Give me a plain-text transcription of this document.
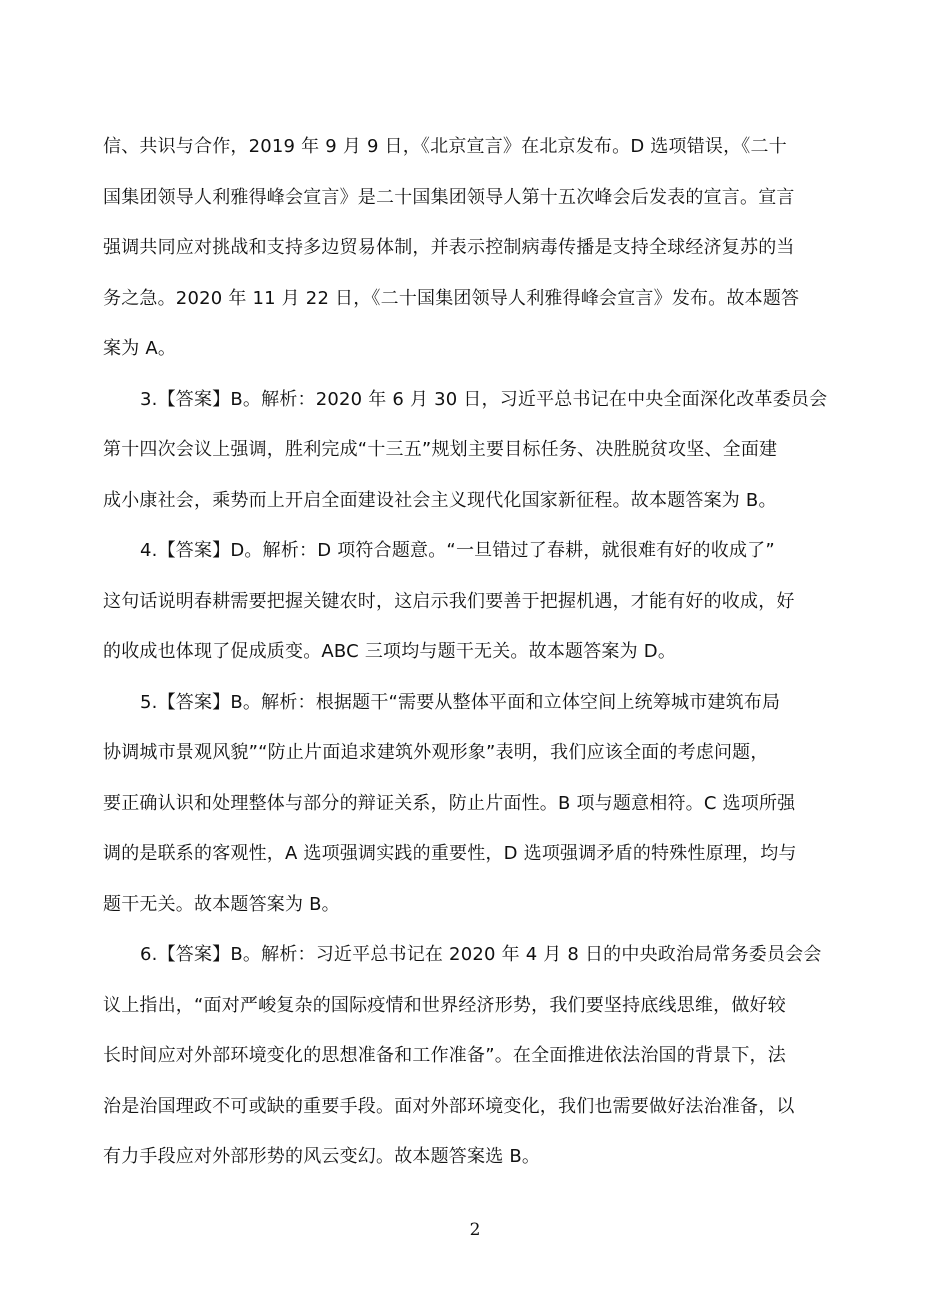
信、共识与合作，2019 年 9 月 9 日，《北京宣言》在北京发布。D 选项错误，《二十
国集团领导人利雅得峰会宣言》是二十国集团领导人第十五次峰会后发表的宣言。宣言
强调共同应对挑战和支持多边贸易体制，并表示控制病毒传播是支持全球经济复苏的当
务之急。2020 年 11 月 22 日，《二十国集团领导人利雅得峰会宣言》发布。故本题答
案为 A。
3.【答案】B。解析：2020 年 6 月 30 日，习近平总书记在中央全面深化改革委员会
第十四次会议上强调，胜利完成“十三五”规划主要目标任务、决胜脱贫攻坚、全面建
成小康社会，乘势而上开启全面建设社会主义现代化国家新征程。故本题答案为 B。
4.【答案】D。解析：D 项符合题意。“一旦错过了春耕，就很难有好的收成了”
这句话说明春耕需要把握关键农时，这启示我们要善于把握机遇，才能有好的收成，好
的收成也体现了促成质变。ABC 三项均与题干无关。故本题答案为 D。
5.【答案】B。解析：根据题干“需要从整体平面和立体空间上统筹城市建筑布局
协调城市景观风貌”“防止片面追求建筑外观形象”表明，我们应该全面的考虑问题，
要正确认识和处理整体与部分的辩证关系，防止片面性。B 项与题意相符。C 选项所强
调的是联系的客观性，A 选项强调实践的重要性，D 选项强调矛盾的特殊性原理，均与
题干无关。故本题答案为 B。
6.【答案】B。解析：习近平总书记在 2020 年 4 月 8 日的中央政治局常务委员会会
议上指出，“面对严峻复杂的国际疫情和世界经济形势，我们要坚持底线思维，做好较
长时间应对外部环境变化的思想准备和工作准备”。在全面推进依法治国的背景下，法
治是治国理政不可或缺的重要手段。面对外部环境变化，我们也需要做好法治准备，以
有力手段应对外部形势的风云变幻。故本题答案选 B。
2
